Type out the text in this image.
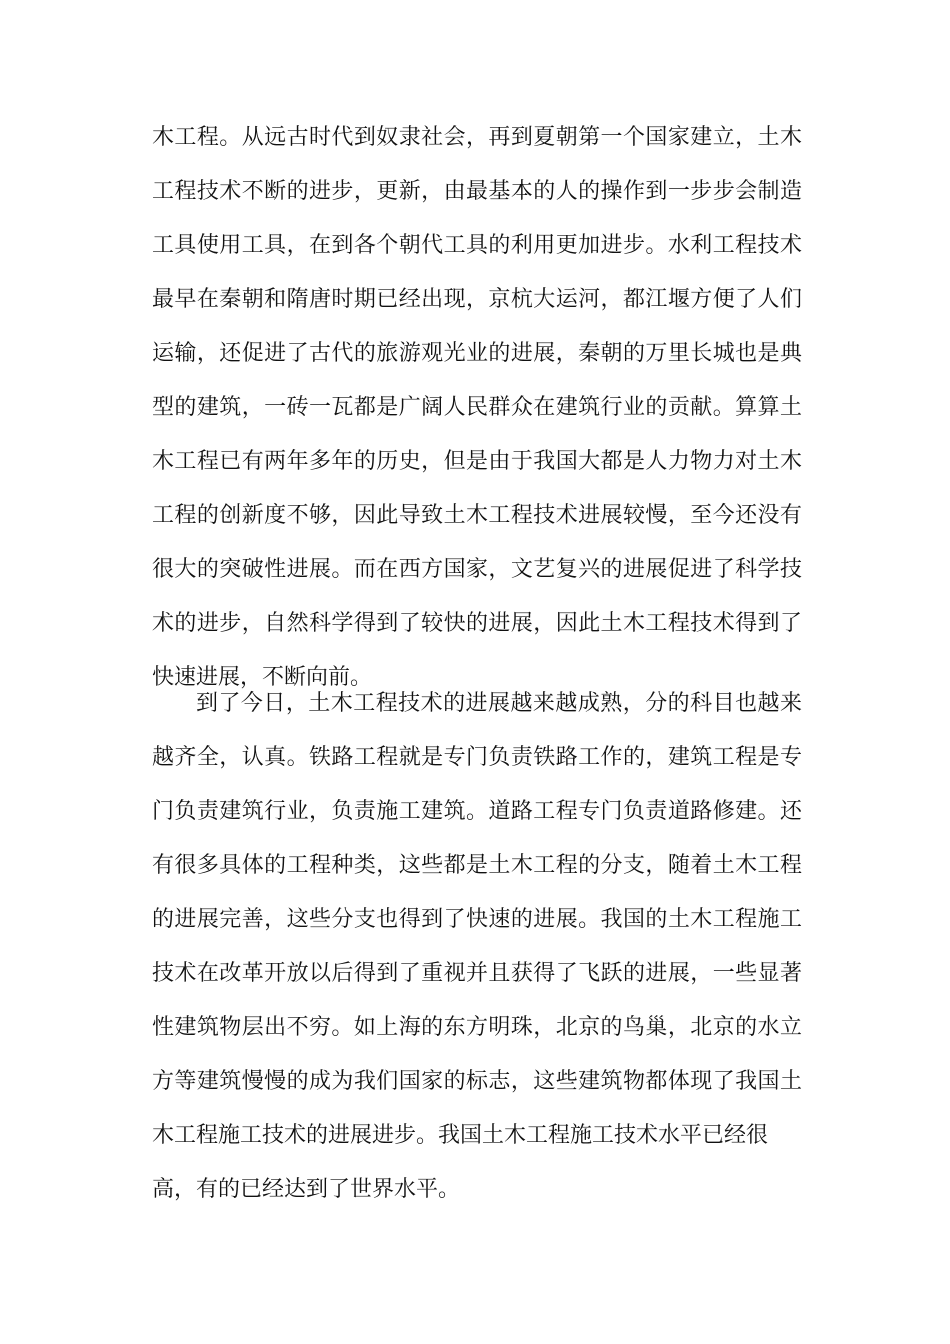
木工程。从远古时代到奴隶社会，再到夏朝第一个国家建立，土木
工程技术不断的进步，更新，由最基本的人的操作到一步步会制造
工具使用工具，在到各个朝代工具的利用更加进步。水利工程技术
最早在秦朝和隋唐时期已经出现，京杭大运河，都江堰方便了人们
运输，还促进了古代的旅游观光业的进展，秦朝的万里长城也是典
型的建筑，一砖一瓦都是广阔人民群众在建筑行业的贡献。算算土
木工程已有两年多年的历史，但是由于我国大都是人力物力对土木
工程的创新度不够，因此导致土木工程技术进展较慢，至今还没有
很大的突破性进展。而在西方国家，文艺复兴的进展促进了科学技
术的进步，自然科学得到了较快的进展，因此土木工程技术得到了
快速进展，不断向前。
到了今日，土木工程技术的进展越来越成熟，分的科目也越来
越齐全，认真。铁路工程就是专门负责铁路工作的，建筑工程是专
门负责建筑行业，负责施工建筑。道路工程专门负责道路修建。还
有很多具体的工程种类，这些都是土木工程的分支，随着土木工程
的进展完善，这些分支也得到了快速的进展。我国的土木工程施工
技术在改革开放以后得到了重视并且获得了飞跃的进展，一些显著
性建筑物层出不穷。如上海的东方明珠，北京的鸟巢，北京的水立
方等建筑慢慢的成为我们国家的标志，这些建筑物都体现了我国土
木工程施工技术的进展进步。我国土木工程施工技术水平已经很
高，有的已经达到了世界水平。
